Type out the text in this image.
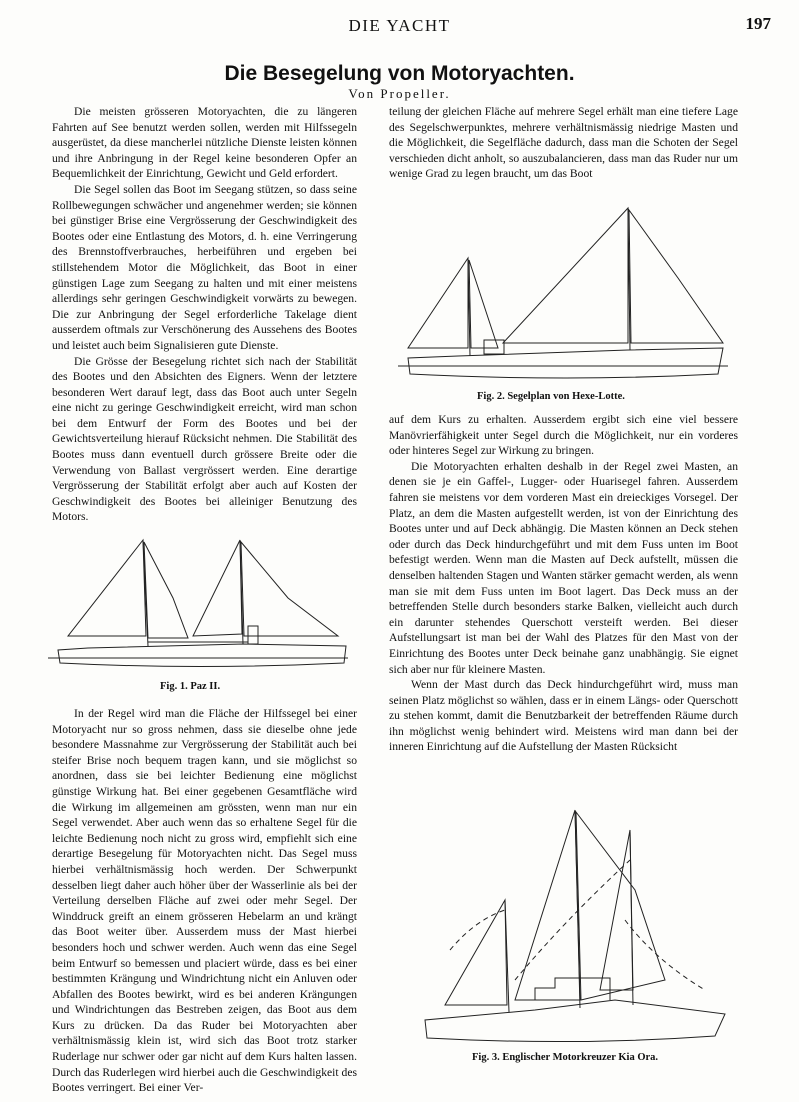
DIE YACHT	197
Die Besegelung von Motoryachten.
Von Propeller.

Die meisten grösseren Motoryachten, die zu längeren Fahrten auf See benutzt werden sollen, werden mit Hilfssegeln ausgerüstet, da diese mancherlei nützliche Dienste leisten können und ihre Anbringung in der Regel keine besonderen Opfer an Bequemlichkeit der Einrichtung, Gewicht und Geld erfordert.

Die Segel sollen das Boot im Seegang stützen, so dass seine Rollbewegungen schwächer und angenehmer werden; sie können bei günstiger Brise eine Vergrösserung der Geschwindigkeit des Bootes oder eine Entlastung des Motors, d. h. eine Verringerung des Brennstoffverbrauches, herbeiführen und ergeben bei stillstehendem Motor die Möglichkeit, das Boot in einer günstigen Lage zum Seegang zu halten und mit einer meistens allerdings sehr geringen Geschwindigkeit vorwärts zu bewegen. Die zur Anbringung der Segel erforderliche Takelage dient ausserdem oftmals zur Verschönerung des Aussehens des Bootes und leistet auch beim Signalisieren gute Dienste.

Die Grösse der Besegelung richtet sich nach der Stabilität des Bootes und den Absichten des Eigners. Wenn der letztere besonderen Wert darauf legt, dass das Boot auch unter Segeln eine nicht zu geringe Geschwindigkeit erreicht, wird man schon bei dem Entwurf der Form des Bootes und bei der Gewichtsverteilung hierauf Rücksicht nehmen. Die Stabilität des Bootes muss dann eventuell durch grössere Breite oder die Verwendung von Ballast vergrössert werden. Eine derartige Vergrösserung der Stabilität erfolgt aber auch auf Kosten der Geschwindigkeit des Bootes bei alleiniger Benutzung des Motors.

Fig. 1. Paz II.

In der Regel wird man die Fläche der Hilfssegel bei einer Motoryacht nur so gross nehmen, dass sie dieselbe ohne jede besondere Massnahme zur Vergrösserung der Stabilität auch bei steifer Brise noch bequem tragen kann, und sie möglichst so anordnen, dass sie bei leichter Bedienung eine möglichst günstige Wirkung hat. Bei einer gegebenen Gesamtfläche wird die Wirkung im allgemeinen am grössten, wenn man nur ein Segel verwendet. Aber auch wenn das so erhaltene Segel für die leichte Bedienung noch nicht zu gross wird, empfiehlt sich eine derartige Besegelung für Motoryachten nicht. Das Segel muss hierbei verhältnismässig hoch werden. Der Schwerpunkt desselben liegt daher auch höher über der Wasserlinie als bei der Verteilung derselben Fläche auf zwei oder mehr Segel. Der Winddruck greift an einem grösseren Hebelarm an und krängt das Boot weiter über. Ausserdem muss der Mast hierbei besonders hoch und schwer werden. Auch wenn das eine Segel beim Entwurf so bemessen und placiert würde, dass es bei einer bestimmten Krängung und Windrichtung nicht ein Anluven oder Abfallen des Bootes bewirkt, wird es bei anderen Krängungen und Windrichtungen das Bestreben zeigen, das Boot aus dem Kurs zu drücken. Da das Ruder bei Motoryachten aber verhältnismässig klein ist, wird sich das Boot trotz starker Ruderlage nur schwer oder gar nicht auf dem Kurs halten lassen. Durch das Ruderlegen wird hierbei auch die Geschwindigkeit des Bootes verringert. Bei einer Ver-

teilung der gleichen Fläche auf mehrere Segel erhält man eine tiefere Lage des Segelschwerpunktes, mehrere verhältnismässig niedrige Masten und die Möglichkeit, die Segelfläche dadurch, dass man die Schoten der Segel verschieden dicht anholt, so auszubalancieren, dass man das Ruder nur um wenige Grad zu legen braucht, um das Boot

Fig. 2. Segelplan von Hexe-Lotte.

auf dem Kurs zu erhalten. Ausserdem ergibt sich eine viel bessere Manövrierfähigkeit unter Segel durch die Möglichkeit, nur ein vorderes oder hinteres Segel zur Wirkung zu bringen.

Die Motoryachten erhalten deshalb in der Regel zwei Masten, an denen sie je ein Gaffel-, Lugger- oder Huarisegel fahren. Ausserdem fahren sie meistens vor dem vorderen Mast ein dreieckiges Vorsegel. Der Platz, an dem die Masten aufgestellt werden, ist von der Einrichtung des Bootes unter und auf Deck abhängig. Die Masten können an Deck stehen oder durch das Deck hindurchgeführt und mit dem Fuss unten im Boot befestigt werden. Wenn man die Masten auf Deck aufstellt, müssen die denselben haltenden Stagen und Wanten stärker gemacht werden, als wenn man sie mit dem Fuss unten im Boot lagert. Das Deck muss an der betreffenden Stelle durch besonders starke Balken, vielleicht auch durch ein darunter stehendes Querschott versteift werden. Bei dieser Aufstellungsart ist man bei der Wahl des Platzes für den Mast von der Einrichtung des Bootes unter Deck beinahe ganz unabhängig. Sie eignet sich aber nur für kleinere Masten.

Wenn der Mast durch das Deck hindurchgeführt wird, muss man seinen Platz möglichst so wählen, dass er in einem Längs- oder Querschott zu stehen kommt, damit die Benutzbarkeit der betreffenden Räume durch ihn möglichst wenig behindert wird. Meistens wird man dann bei der inneren Einrichtung auf die Aufstellung der Masten Rücksicht

Fig. 3. Englischer Motorkreuzer Kia Ora.
